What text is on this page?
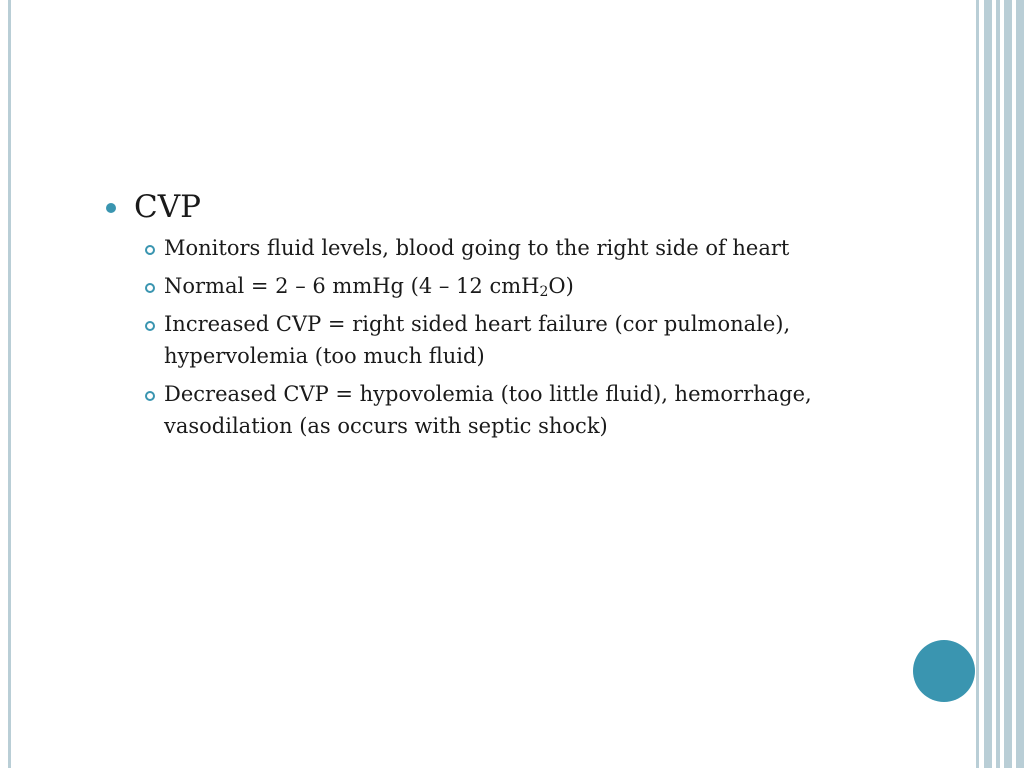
CVP
Monitors fluid levels, blood going to the right side of heart
Normal = 2 – 6 mmHg (4 – 12 cmH$_2$O)
Increased CVP = right sided heart failure (cor pulmonale),
hypervolemia (too much fluid)
Decreased CVP = hypovolemia (too little fluid), hemorrhage,
vasodilation (as occurs with septic shock)
